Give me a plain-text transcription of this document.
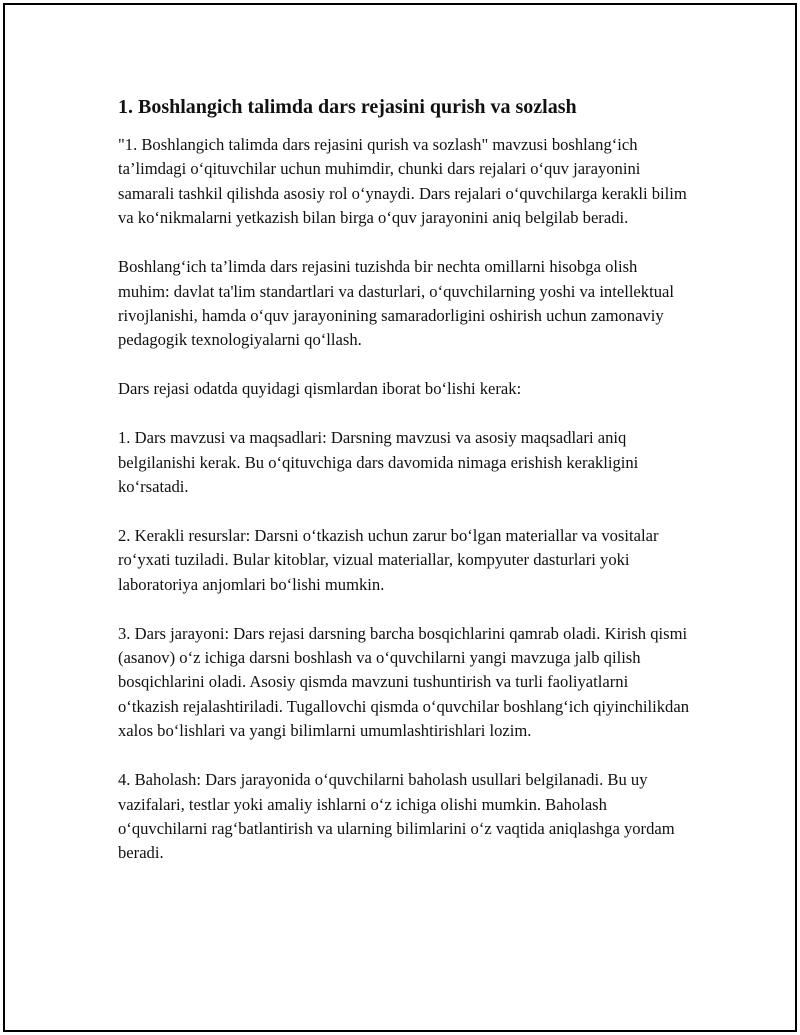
1. Boshlangich talimda dars rejasini qurish va sozlash

"1. Boshlangich talimda dars rejasini qurish va sozlash" mavzusi boshlang‘ich ta’limdagi o‘qituvchilar uchun muhimdir, chunki dars rejalari o‘quv jarayonini samarali tashkil qilishda asosiy rol o‘ynaydi. Dars rejalari o‘quvchilarga kerakli bilim va ko‘nikmalarni yetkazish bilan birga o‘quv jarayonini aniq belgilab beradi.

Boshlang‘ich ta’limda dars rejasini tuzishda bir nechta omillarni hisobga olish muhim: davlat ta'lim standartlari va dasturlari, o‘quvchilarning yoshi va intellektual rivojlanishi, hamda o‘quv jarayonining samaradorligini oshirish uchun zamonaviy pedagogik texnologiyalarni qo‘llash.

Dars rejasi odatda quyidagi qismlardan iborat bo‘lishi kerak:

1. Dars mavzusi va maqsadlari: Darsning mavzusi va asosiy maqsadlari aniq belgilanishi kerak. Bu o‘qituvchiga dars davomida nimaga erishish kerakligini ko‘rsatadi.

2. Kerakli resurslar: Darsni o‘tkazish uchun zarur bo‘lgan materiallar va vositalar ro‘yxati tuziladi. Bular kitoblar, vizual materiallar, kompyuter dasturlari yoki laboratoriya anjomlari bo‘lishi mumkin.

3. Dars jarayoni: Dars rejasi darsning barcha bosqichlarini qamrab oladi. Kirish qismi (asanov) o‘z ichiga darsni boshlash va o‘quvchilarni yangi mavzuga jalb qilish bosqichlarini oladi. Asosiy qismda mavzuni tushuntirish va turli faoliyatlarni o‘tkazish rejalashtiriladi. Tugallovchi qismda o‘quvchilar boshlang‘ich qiyinchilikdan xalos bo‘lishlari va yangi bilimlarni umumlashtirishlari lozim.

4. Baholash: Dars jarayonida o‘quvchilarni baholash usullari belgilanadi. Bu uy vazifalari, testlar yoki amaliy ishlarni o‘z ichiga olishi mumkin. Baholash o‘quvchilarni rag‘batlantirish va ularning bilimlarini o‘z vaqtida aniqlashga yordam beradi.
